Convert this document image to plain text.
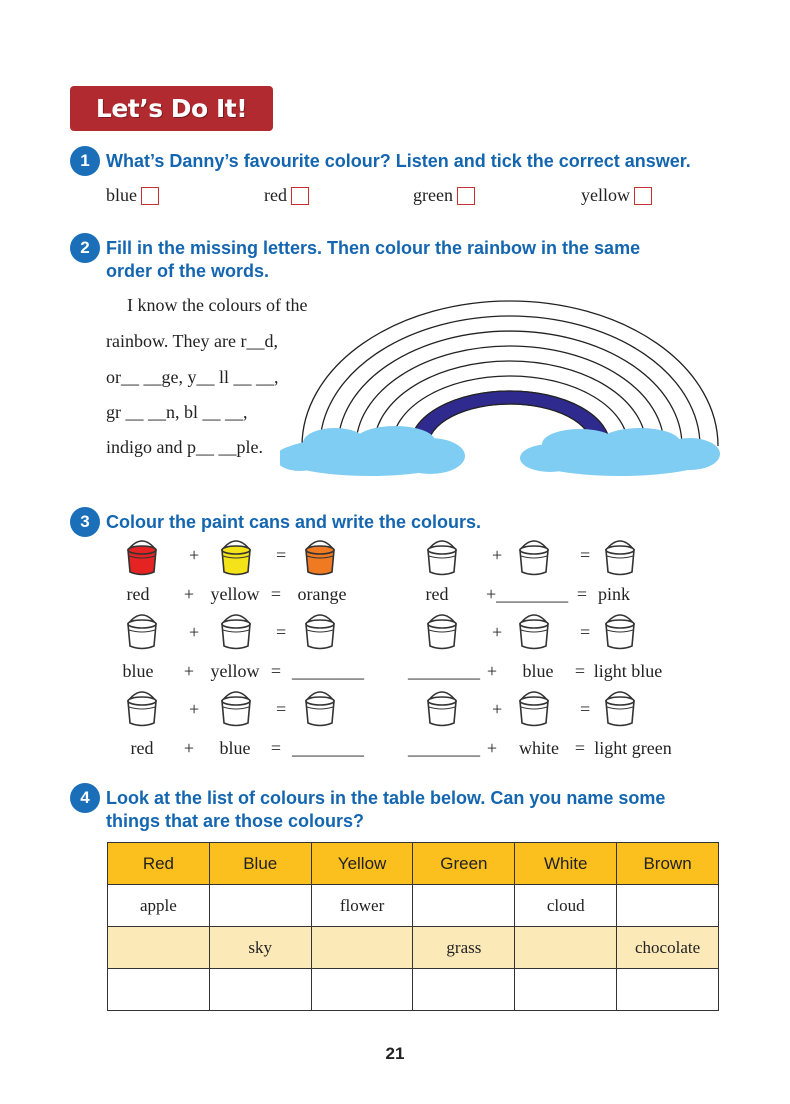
Let’s Do It!
1 What’s Danny’s favourite colour? Listen and tick the correct answer.
blue	red	green	yellow
2 Fill in the missing letters. Then colour the rainbow in the same
order of the words.
I know the colours of the
rainbow. They are r__d,
or__ __ge, y__ ll __ __,
gr __ __n, bl __ __,
indigo and p__ __ple.
3 Colour the paint cans and write the colours.
+	=	+	=
red	+ yellow = orange	red	+________ = pink
+	=	+	=
blue	+ yellow = ________ ________ +	blue	= light blue
+	=	+	=
red	+	blue	= ________ ________ +	white = light green
4 Look at the list of colours in the table below. Can you name some
things that are those colours?
Red	Blue	Yellow	Green	White	Brown
apple		flower		cloud	
	sky		grass		chocolate

21
